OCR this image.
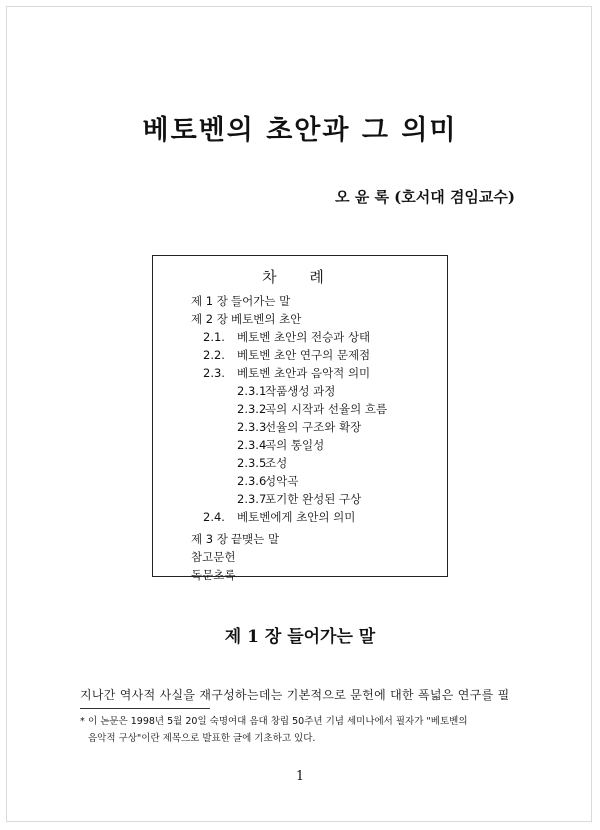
베토벤의 초안과 그 의미
오 윤 록 (호서대 겸임교수)
차 례
제 1 장 들어가는 말
제 2 장 베토벤의 초안
2.1. 베토벤 초안의 전승과 상태
2.2. 베토벤 초안 연구의 문제점
2.3. 베토벤 초안과 음악적 의미
2.3.1작품생성 과정
2.3.2곡의 시작과 선율의 흐름
2.3.3선율의 구조와 확장
2.3.4곡의 통일성
2.3.5조성
2.3.6성악곡
2.3.7포기한 완성된 구상
2.4. 베토벤에게 초안의 의미
제 3 장 끝맺는 말
참고문헌
독문초록
제 1 장 들어가는 말
지나간 역사적 사실을 재구성하는데는 기본적으로 문헌에 대한 폭넓은 연구를 필
* 이 논문은 1998년 5월 20일 숙명여대 음대 창립 50주년 기념 세미나에서 필자가 "베토벤의
음악적 구상"이란 제목으로 발표한 글에 기초하고 있다.
1
